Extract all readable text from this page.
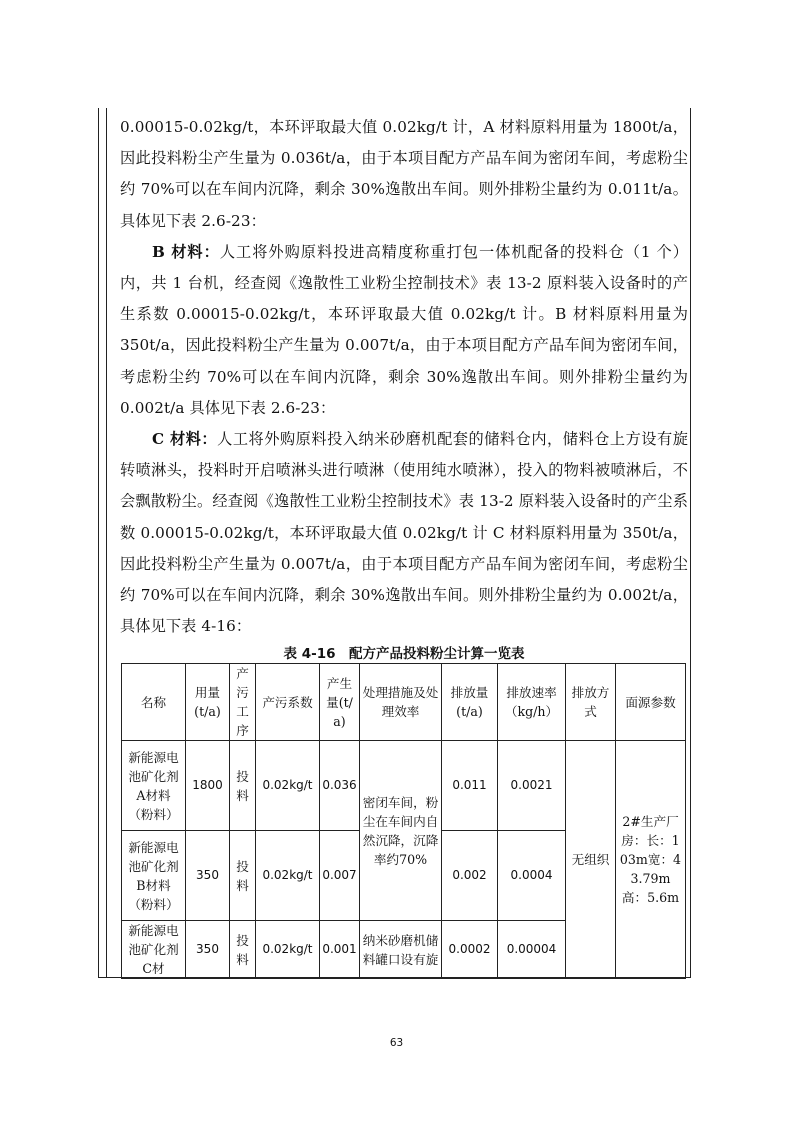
0.00015-0.02kg/t，本环评取最大值 0.02kg/t 计，A 材料原料用量为 1800t/a，因此投料粉尘产生量为 0.036t/a，由于本项目配方产品车间为密闭车间，考虑粉尘约 70%可以在车间内沉降，剩余 30%逸散出车间。则外排粉尘量约为 0.011t/a。具体见下表 2.6-23：

B 材料：人工将外购原料投进高精度称重打包一体机配备的投料仓（1 个）内，共 1 台机，经查阅《逸散性工业粉尘控制技术》表 13-2 原料装入设备时的产生系数 0.00015-0.02kg/t，本环评取最大值 0.02kg/t 计。B 材料原料用量为 350t/a，因此投料粉尘产生量为 0.007t/a，由于本项目配方产品车间为密闭车间，考虑粉尘约 70%可以在车间内沉降，剩余 30%逸散出车间。则外排粉尘量约为 0.002t/a 具体见下表 2.6-23：

C 材料：人工将外购原料投入纳米砂磨机配套的储料仓内，储料仓上方设有旋转喷淋头，投料时开启喷淋头进行喷淋（使用纯水喷淋），投入的物料被喷淋后，不会飘散粉尘。经查阅《逸散性工业粉尘控制技术》表 13-2 原料装入设备时的产尘系数 0.00015-0.02kg/t，本环评取最大值 0.02kg/t 计 C 材料原料用量为 350t/a，因此投料粉尘产生量为 0.007t/a，由于本项目配方产品车间为密闭车间，考虑粉尘约 70%可以在车间内沉降，剩余 30%逸散出车间。则外排粉尘量约为 0.002t/a，具体见下表 4-16：

表 4-16　配方产品投料粉尘计算一览表
名称	用量(t/a)	产污工序	产污系数	产生量(t/a)	处理措施及处理效率	排放量(t/a)	排放速率（kg/h）	排放方式	面源参数
新能源电池矿化剂A材料（粉料）	1800	投料	0.02kg/t	0.036	密闭车间，粉尘在车间内自然沉降，沉降率约70%	0.011	0.0021	无组织	2#生产厂房：长：103m宽：43.79m高：5.6m
新能源电池矿化剂B材料（粉料）	350	投料	0.02kg/t	0.007		0.002	0.0004		
新能源电池矿化剂C材	350	投料	0.02kg/t	0.001	纳米砂磨机储料罐口设有旋	0.0002	0.00004		
63
